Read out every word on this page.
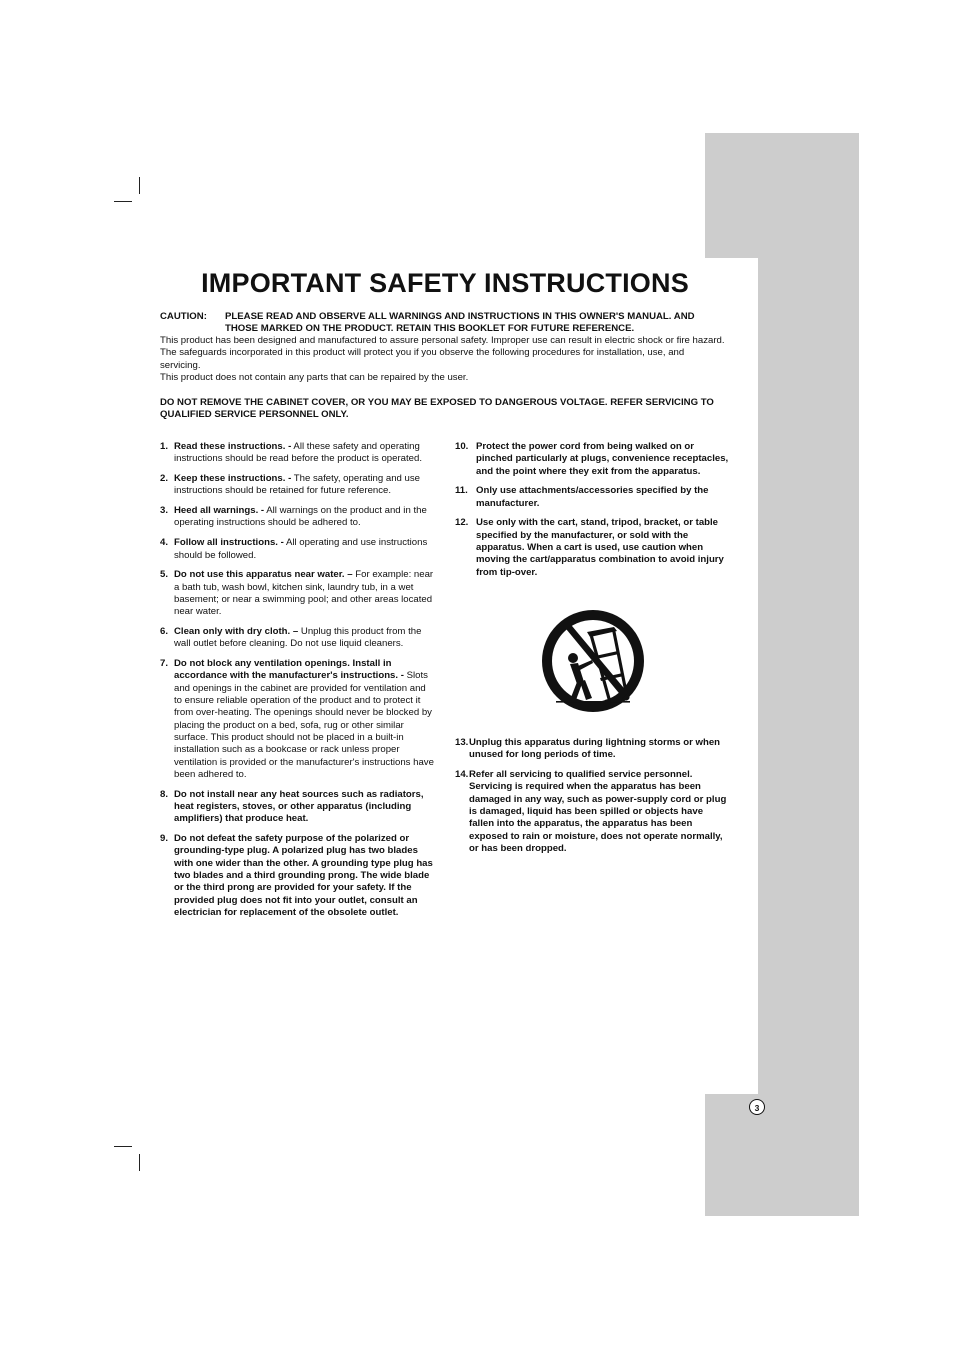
IMPORTANT SAFETY INSTRUCTIONS
CAUTION: PLEASE READ AND OBSERVE ALL WARNINGS AND INSTRUCTIONS IN THIS OWNER'S MANUAL. AND THOSE MARKED ON THE PRODUCT. RETAIN THIS BOOKLET FOR FUTURE REFERENCE.

This product has been designed and manufactured to assure personal safety. Improper use can result in electric shock or fire hazard. The safeguards incorporated in this product will protect you if you observe the following procedures for installation, use, and servicing.

This product does not contain any parts that can be repaired by the user.

DO NOT REMOVE THE CABINET COVER, OR YOU MAY BE EXPOSED TO DANGEROUS VOLTAGE. REFER SERVICING TO QUALIFIED SERVICE PERSONNEL ONLY.
1. Read these instructions. - All these safety and operating instructions should be read before the product is operated.
2. Keep these instructions. - The safety, operating and use instructions should be retained for future reference.
3. Heed all warnings. - All warnings on the product and in the operating instructions should be adhered to.
4. Follow all instructions. - All operating and use instructions should be followed.
5. Do not use this apparatus near water. – For example: near a bath tub, wash bowl, kitchen sink, laundry tub, in a wet basement; or near a swimming pool; and other areas located near water.
6. Clean only with dry cloth. – Unplug this product from the wall outlet before cleaning. Do not use liquid cleaners.
7. Do not block any ventilation openings. Install in accordance with the manufacturer's instructions. - Slots and openings in the cabinet are provided for ventilation and to ensure reliable operation of the product and to protect it from over-heating. The openings should never be blocked by placing the product on a bed, sofa, rug or other similar surface. This product should not be placed in a built-in installation such as a bookcase or rack unless proper ventilation is provided or the manufacturer's instructions have been adhered to.
8. Do not install near any heat sources such as radiators, heat registers, stoves, or other apparatus (including amplifiers) that produce heat.
9. Do not defeat the safety purpose of the polarized or grounding-type plug. A polarized plug has two blades with one wider than the other. A grounding type plug has two blades and a third grounding prong. The wide blade or the third prong are provided for your safety. If the provided plug does not fit into your outlet, consult an electrician for replacement of the obsolete outlet.
10. Protect the power cord from being walked on or pinched particularly at plugs, convenience receptacles, and the point where they exit from the apparatus.
11. Only use attachments/accessories specified by the manufacturer.
12. Use only with the cart, stand, tripod, bracket, or table specified by the manufacturer, or sold with the apparatus. When a cart is used, use caution when moving the cart/apparatus combination to avoid injury from tip-over.
13. Unplug this apparatus during lightning storms or when unused for long periods of time.
14. Refer all servicing to qualified service personnel. Servicing is required when the apparatus has been damaged in any way, such as power-supply cord or plug is damaged, liquid has been spilled or objects have fallen into the apparatus, the apparatus has been exposed to rain or moisture, does not operate normally, or has been dropped.
3
